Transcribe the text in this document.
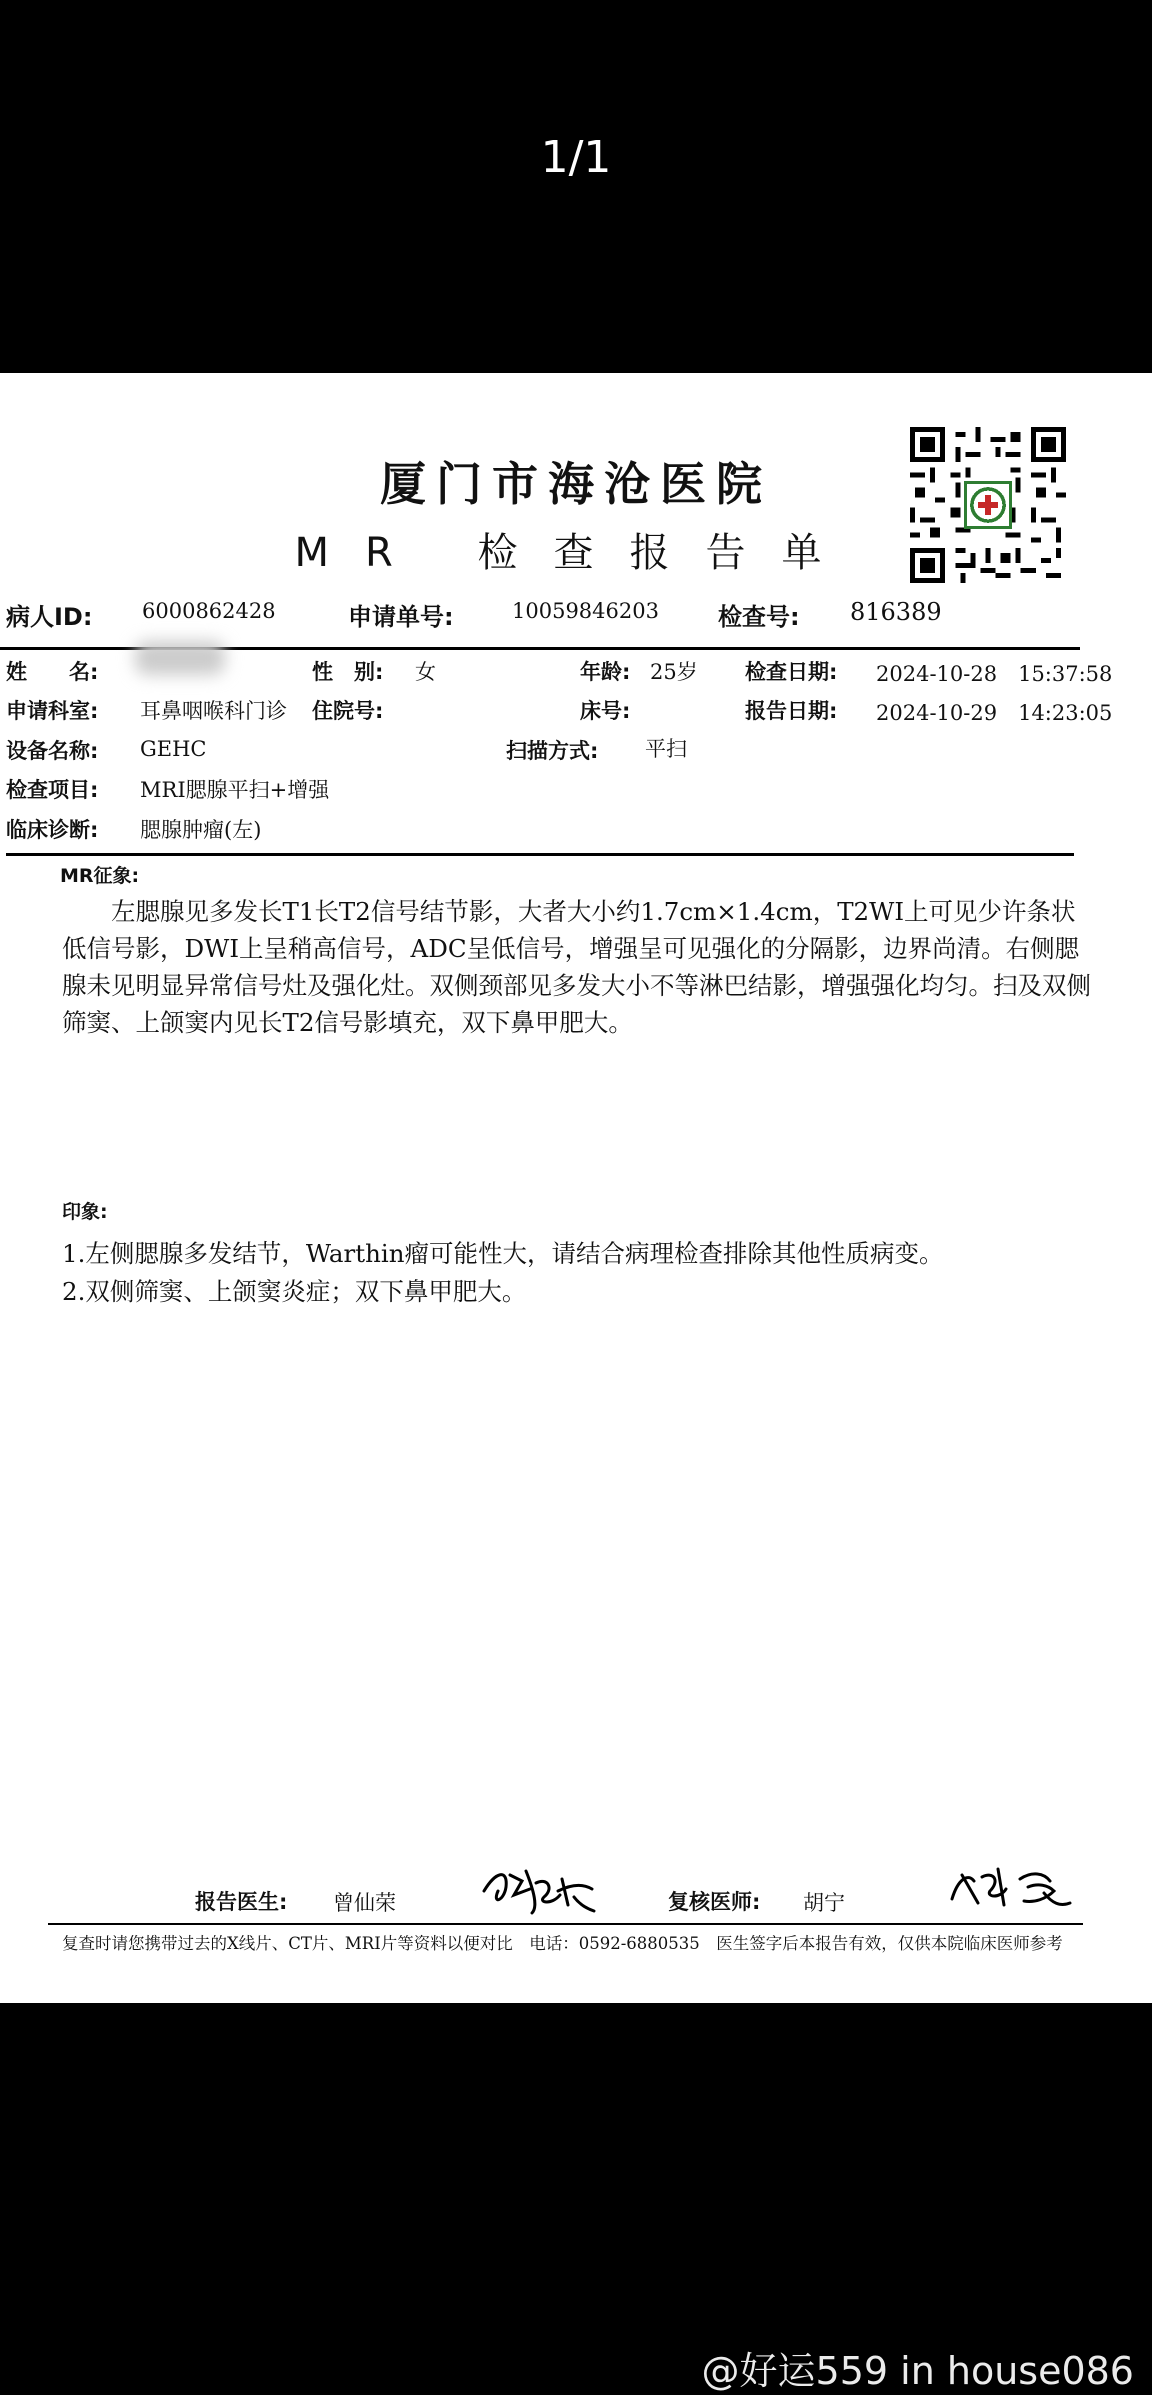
1/1
厦门市海沧医院
MR 检查报告单
病人ID: 6000862428	申请单号:	10059846203 检查号: 816389
姓　　名:	性　别: 女	年龄: 25岁 检查日期: 2024-10-28　15:37:58
申请科室: 耳鼻咽喉科门诊 住院号:	床号:	报告日期: 2024-10-29　14:23:05
设备名称: GEHC	扫描方式: 平扫
检查项目: MRI腮腺平扫+增强
临床诊断: 腮腺肿瘤(左)
MR征象:
　　左腮腺见多发长T1长T2信号结节影，大者大小约1.7cm×1.4cm，T2WI上可见少许条状低信号影，DWI上呈稍高信号，ADC呈低信号，增强呈可见强化的分隔影，边界尚清。右侧腮腺未见明显异常信号灶及强化灶。双侧颈部见多发大小不等淋巴结影，增强强化均匀。扫及双侧筛窦、上颌窦内见长T2信号影填充，双下鼻甲肥大。
印象:
1.左侧腮腺多发结节，Warthin瘤可能性大，请结合病理检查排除其他性质病变。
2.双侧筛窦、上颌窦炎症；双下鼻甲肥大。
报告医生: 曾仙荣	复核医师: 胡宁
复查时请您携带过去的X线片、CT片、MRI片等资料以便对比　电话：0592-6880535　医生签字后本报告有效，仅供本院临床医师参考
@好运559 in house086
